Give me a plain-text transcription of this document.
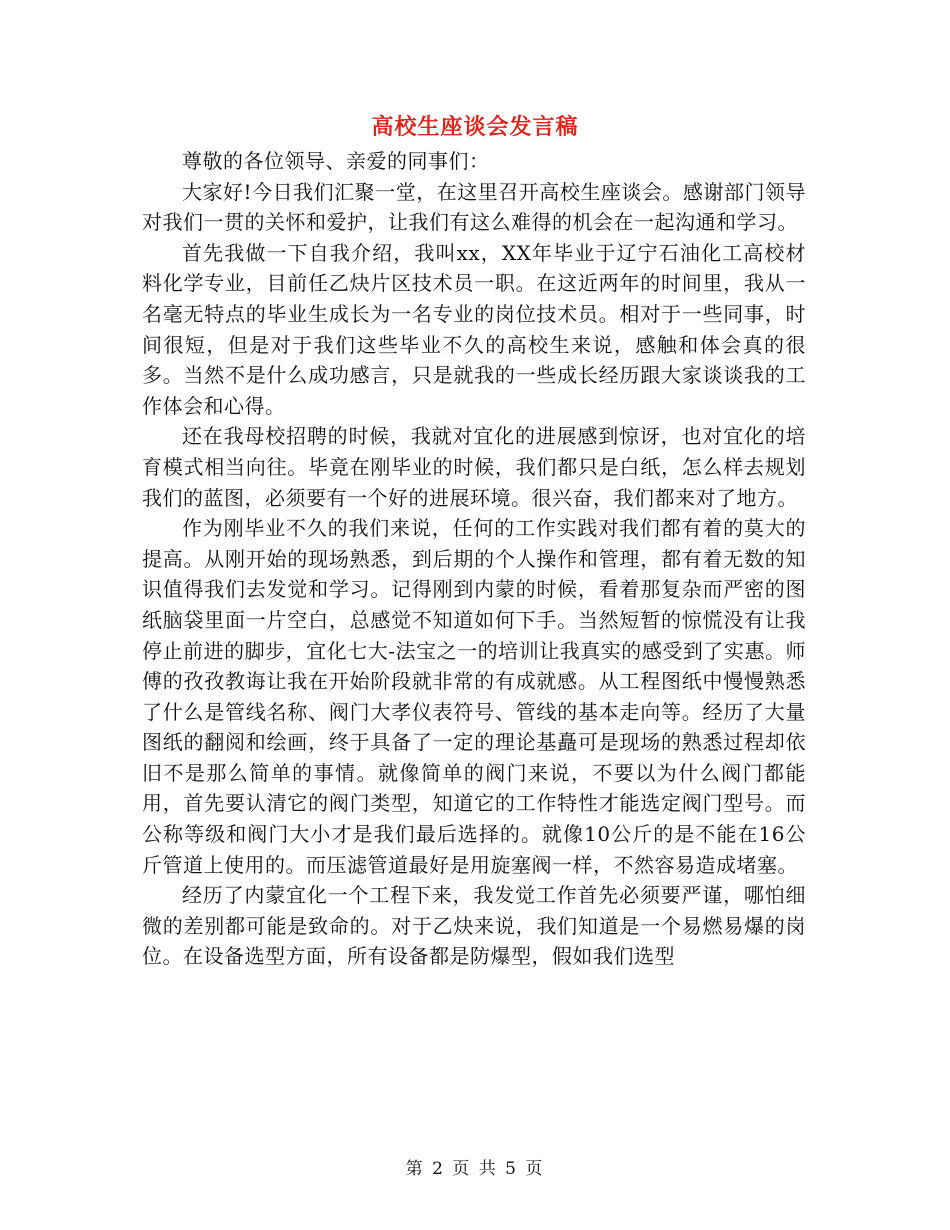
高校生座谈会发言稿

尊敬的各位领导、亲爱的同事们：

大家好!今日我们汇聚一堂，在这里召开高校生座谈会。感谢部门领导对我们一贯的关怀和爱护，让我们有这么难得的机会在一起沟通和学习。

首先我做一下自我介绍，我叫xx，XX年毕业于辽宁石油化工高校材料化学专业，目前任乙炔片区技术员一职。在这近两年的时间里，我从一名毫无特点的毕业生成长为一名专业的岗位技术员。相对于一些同事，时间很短，但是对于我们这些毕业不久的高校生来说，感触和体会真的很多。当然不是什么成功感言，只是就我的一些成长经历跟大家谈谈我的工作体会和心得。

还在我母校招聘的时候，我就对宜化的进展感到惊讶，也对宜化的培育模式相当向往。毕竟在刚毕业的时候，我们都只是白纸，怎么样去规划我们的蓝图，必须要有一个好的进展环境。很兴奋，我们都来对了地方。

作为刚毕业不久的我们来说，任何的工作实践对我们都有着的莫大的提高。从刚开始的现场熟悉，到后期的个人操作和管理，都有着无数的知识值得我们去发觉和学习。记得刚到内蒙的时候，看着那复杂而严密的图纸脑袋里面一片空白，总感觉不知道如何下手。当然短暂的惊慌没有让我停止前进的脚步，宜化七大-法宝之一的培训让我真实的感受到了实惠。师傅的孜孜教诲让我在开始阶段就非常的有成就感。从工程图纸中慢慢熟悉了什么是管线名称、阀门大孝仪表符号、管线的基本走向等。经历了大量图纸的翻阅和绘画，终于具备了一定的理论基矗可是现场的熟悉过程却依旧不是那么简单的事情。就像简单的阀门来说，不要以为什么阀门都能用，首先要认清它的阀门类型，知道它的工作特性才能选定阀门型号。而公称等级和阀门大小才是我们最后选择的。就像10公斤的是不能在16公斤管道上使用的。而压滤管道最好是用旋塞阀一样，不然容易造成堵塞。

经历了内蒙宜化一个工程下来，我发觉工作首先必须要严谨，哪怕细微的差别都可能是致命的。对于乙炔来说，我们知道是一个易燃易爆的岗位。在设备选型方面，所有设备都是防爆型，假如我们选型

第 2 页 共 5 页
